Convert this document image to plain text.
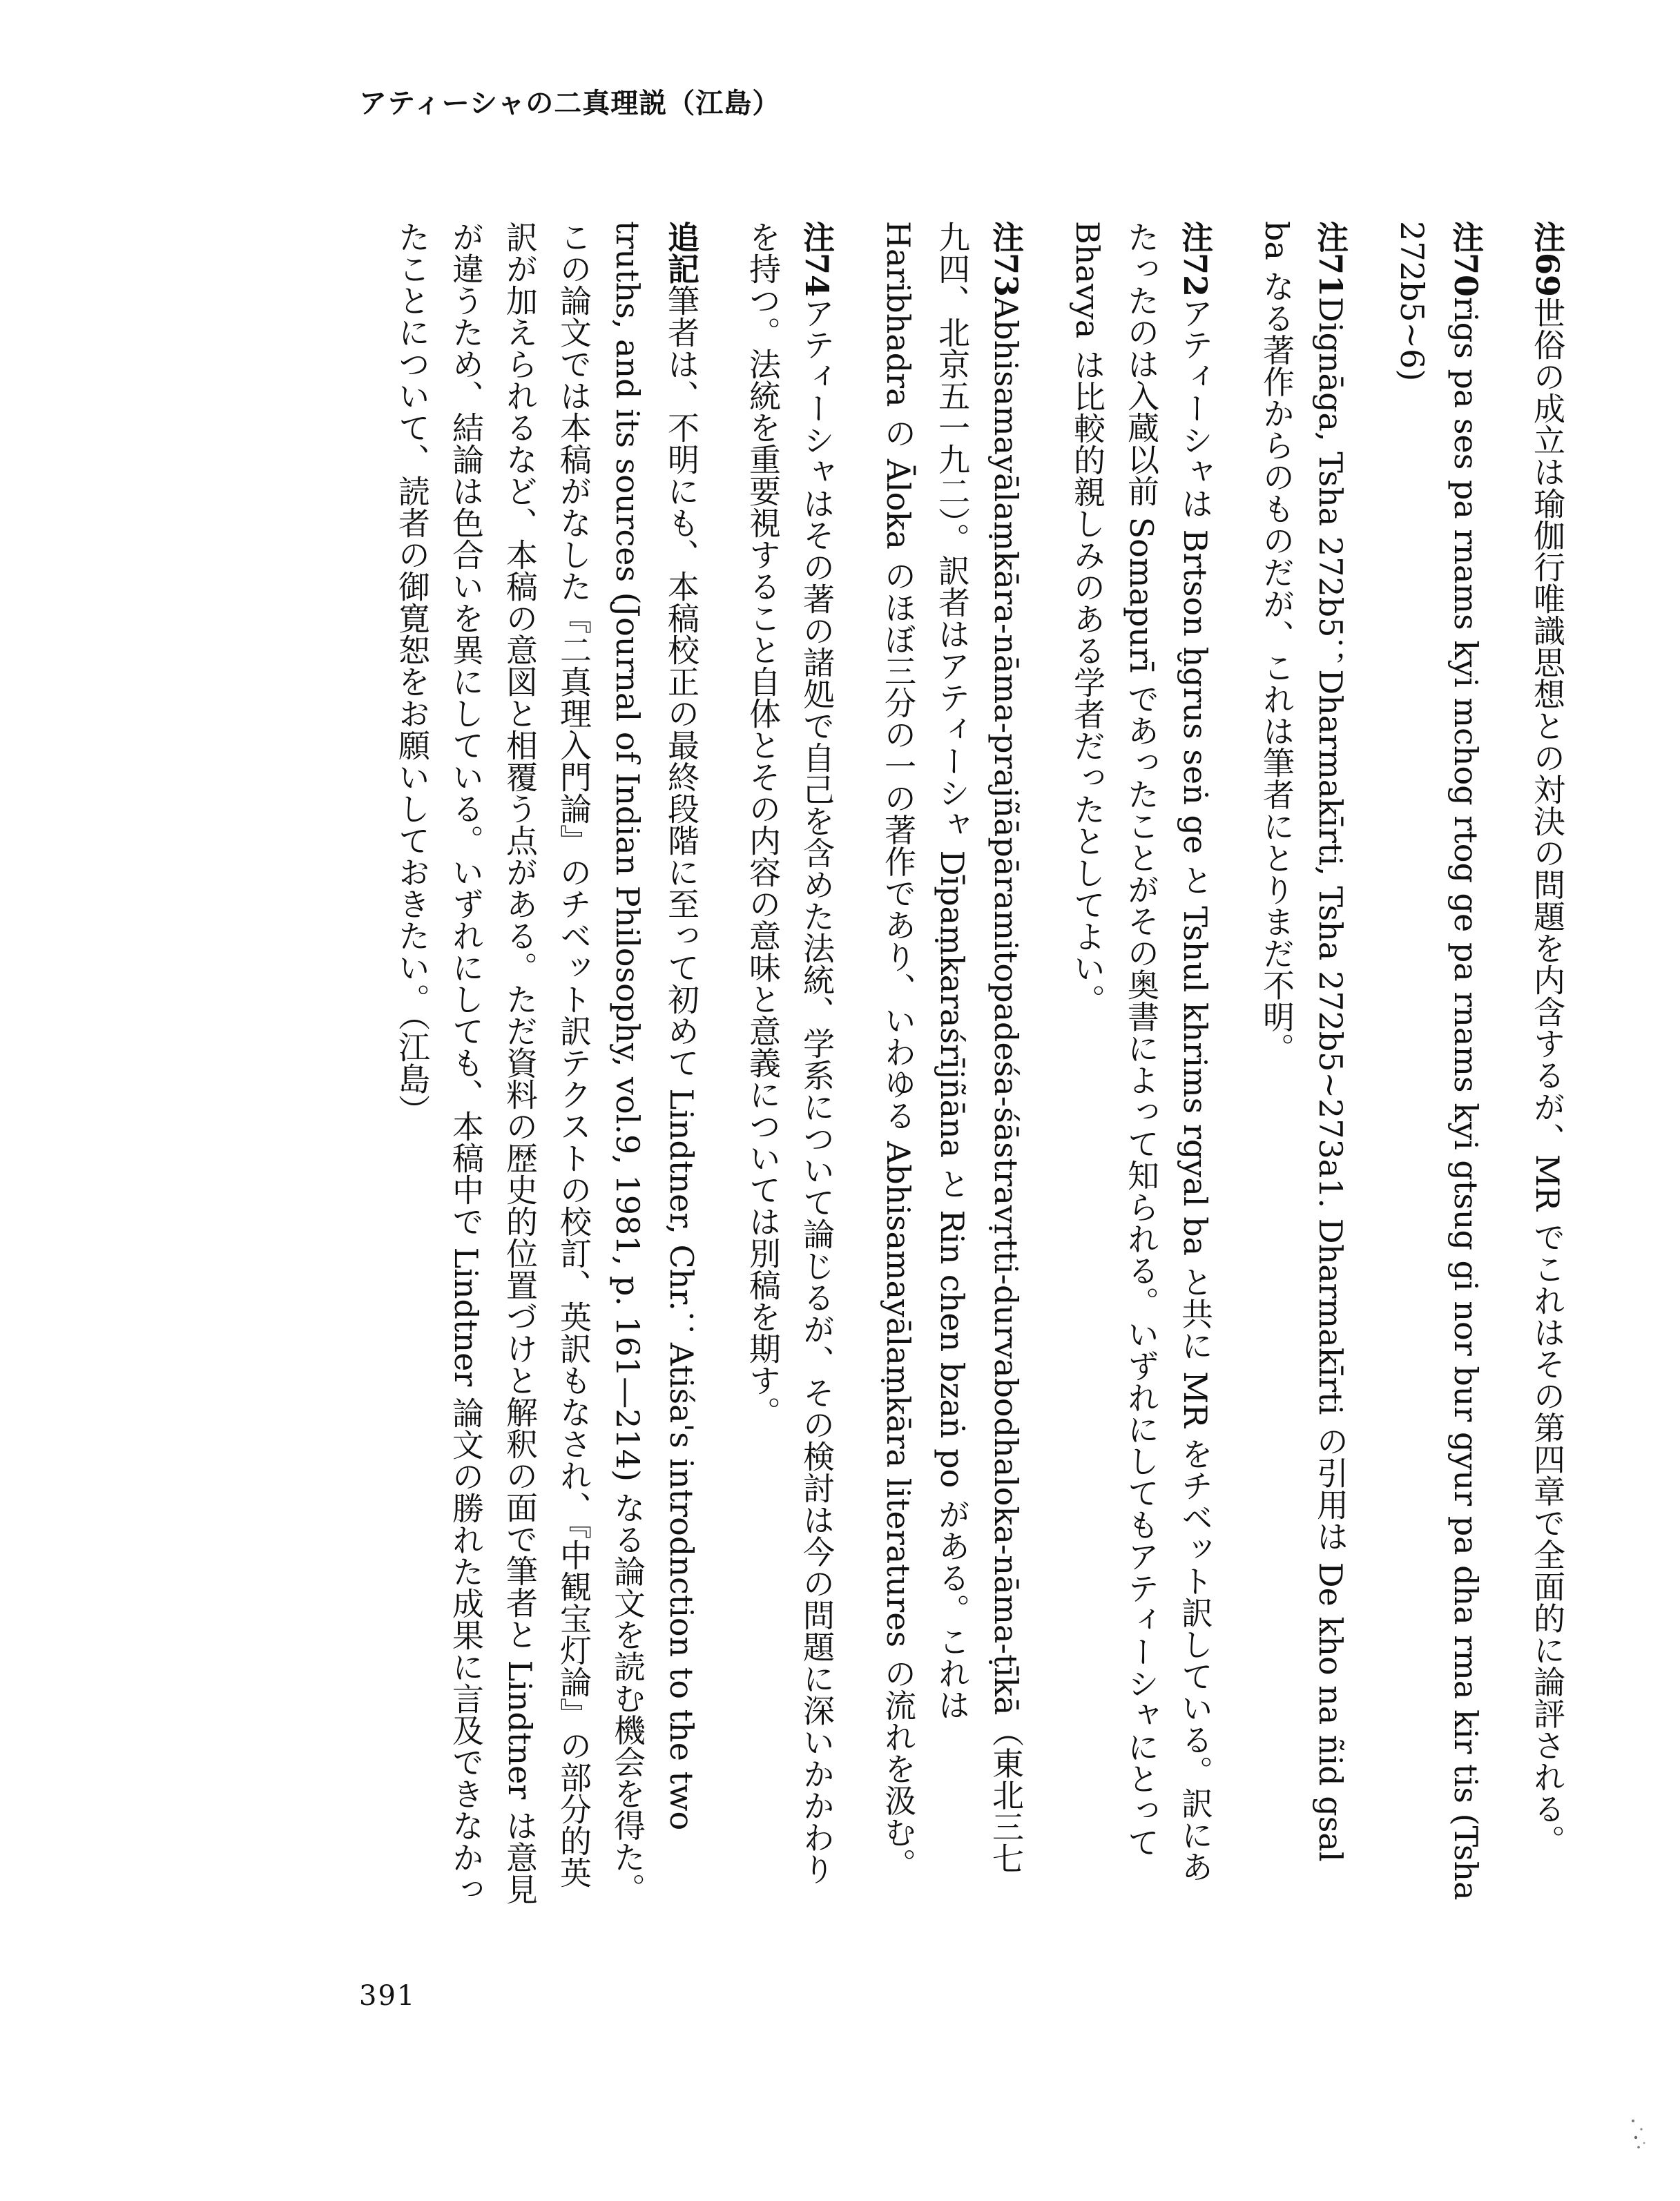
アティーシャの二真理説（江島）
注69世俗の成立は瑜伽行唯識思想との対決の問題を内含するが、MR でこれはその第四章で全面的に論評される。
注70rigs pa ses pa rnams kyi mchog rtog ge pa rnams kyi gtsug gi nor bur gyur pa dha rma kir tis (Tsha 272b5~6)
注71Dignāga, Tsha 272b5；Dharmakīrti, Tsha 272b5~273a1. Dharmakīrti の引用は De kho na ñid gsal ba なる著作からのものだが、これは筆者にとりまだ不明。
注72アティーシャは Brtson ḫgrus seṅ ge と Tshul khrims rgyal ba と共に MR をチベット訳している。訳にあたったのは入蔵以前 Somapurī であったことがその奥書によって知られる。いずれにしてもアティーシャにとって Bhavya は比較的親しみのある学者だったとしてよい。
注73Abhisamayālaṃkāra-nāma-prajñāpāramitopadeśa-śāstravṛtti-durvabodhaloka-nāma-ṭīkā（東北三七九四、北京五一九二）。訳者はアティーシャ Dīpaṃkaraśrījñāna と Rin chen bzaṅ po がある。これは Haribhadra の Āloka のほぼ三分の一の著作であり、いわゆる Abhisamayālaṃkāra literatures の流れを汲む。
注74アティーシャはその著の諸処で自己を含めた法統、学系について論じるが、その検討は今の問題に深いかかわりを持つ。法統を重要視すること自体とその内容の意味と意義については別稿を期す。
追記筆者は、不明にも、本稿校正の最終段階に至って初めて Lindtner, Chr.：Atiśa's introdnction to the two truths, and its sources (Journal of Indian Philosophy, vol.9, 1981, p. 161—214) なる論文を読む機会を得た。この論文では本稿がなした『二真理入門論』のチベット訳テクストの校訂、英訳もなされ、『中観宝灯論』の部分的英訳が加えられるなど、本稿の意図と相覆う点がある。ただ資料の歴史的位置づけと解釈の面で筆者と Lindtner は意見が違うため、結論は色合いを異にしている。いずれにしても、本稿中で Lindtner 論文の勝れた成果に言及できなかったことについて、読者の御寛恕をお願いしておきたい。（江島）
391
